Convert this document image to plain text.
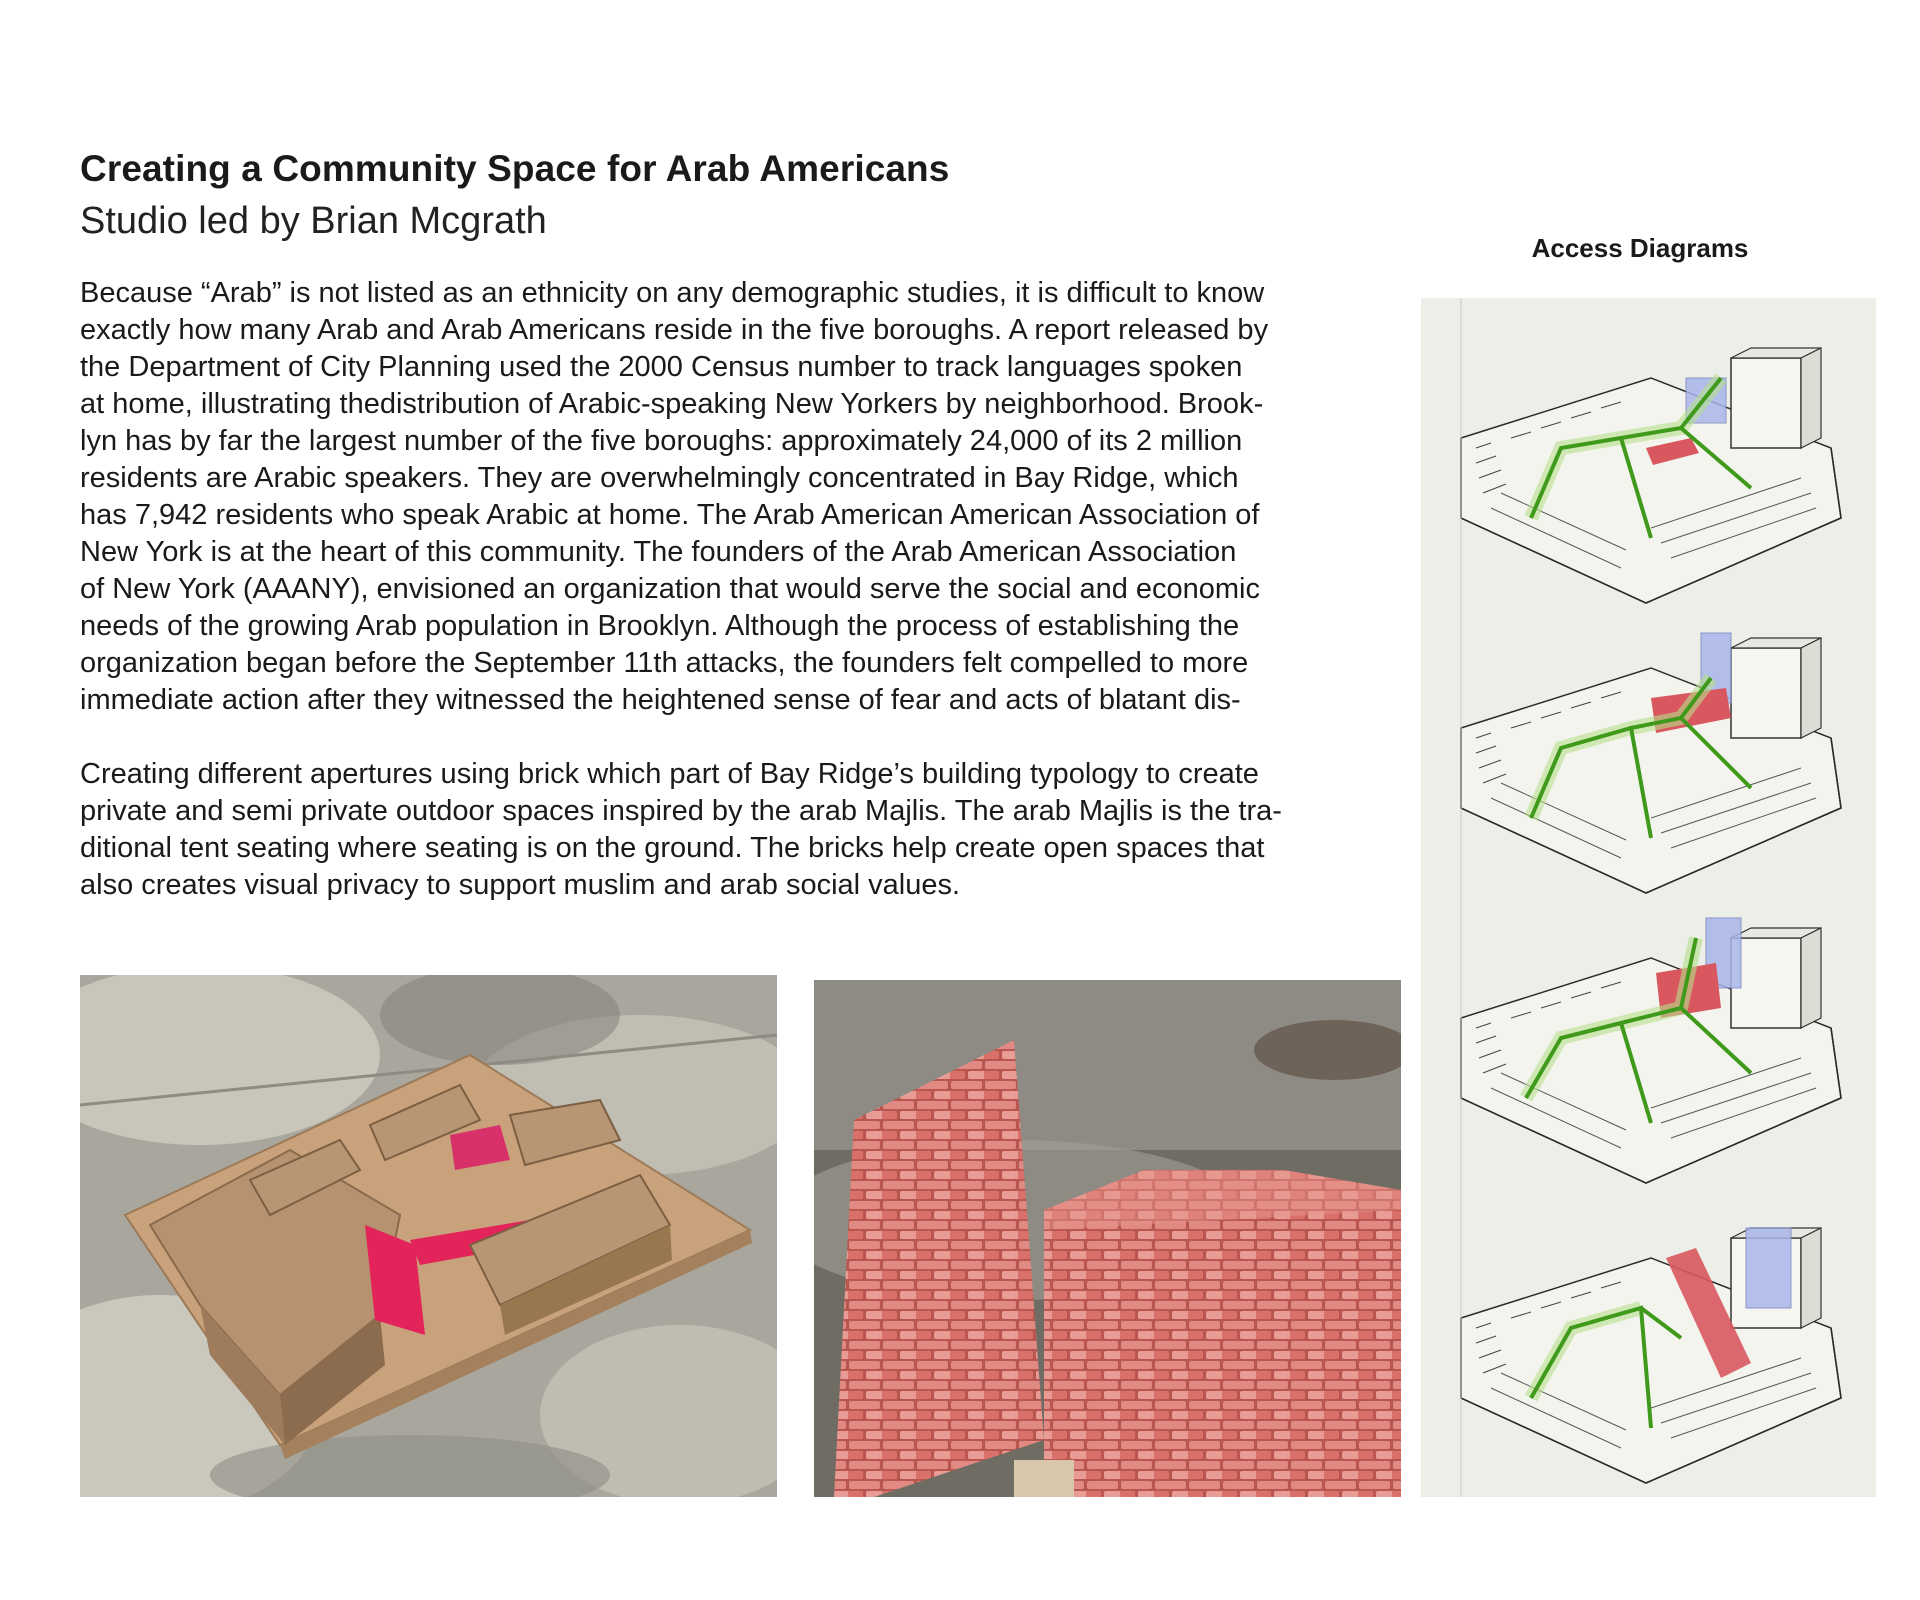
Creating a Community Space for Arab Americans
Studio led by Brian Mcgrath

Because “Arab” is not listed as an ethnicity on any demographic studies, it is difficult to know
exactly how many Arab and Arab Americans reside in the five boroughs. A report released by
the Department of City Planning used the 2000 Census number to track languages spoken
at home, illustrating thedistribution of Arabic-speaking New Yorkers by neighborhood. Brook-
lyn has by far the largest number of the five boroughs: approximately 24,000 of its 2 million
residents are Arabic speakers. They are overwhelmingly concentrated in Bay Ridge, which
has 7,942 residents who speak Arabic at home. The Arab American American Association of
New York is at the heart of this community. The founders of the Arab American Association
of New York (AAANY), envisioned an organization that would serve the social and economic
needs of the growing Arab population in Brooklyn. Although the process of establishing the
organization began before the September 11th attacks, the founders felt compelled to more
immediate action after they witnessed the heightened sense of fear and acts of blatant dis-

Creating different apertures using brick which part of Bay Ridge’s building typology to create
private and semi private outdoor spaces inspired by the arab Majlis. The arab Majlis is the tra-
ditional tent seating where seating is on the ground. The bricks help create open spaces that
also creates visual privacy to support muslim and arab social values.

Access Diagrams
